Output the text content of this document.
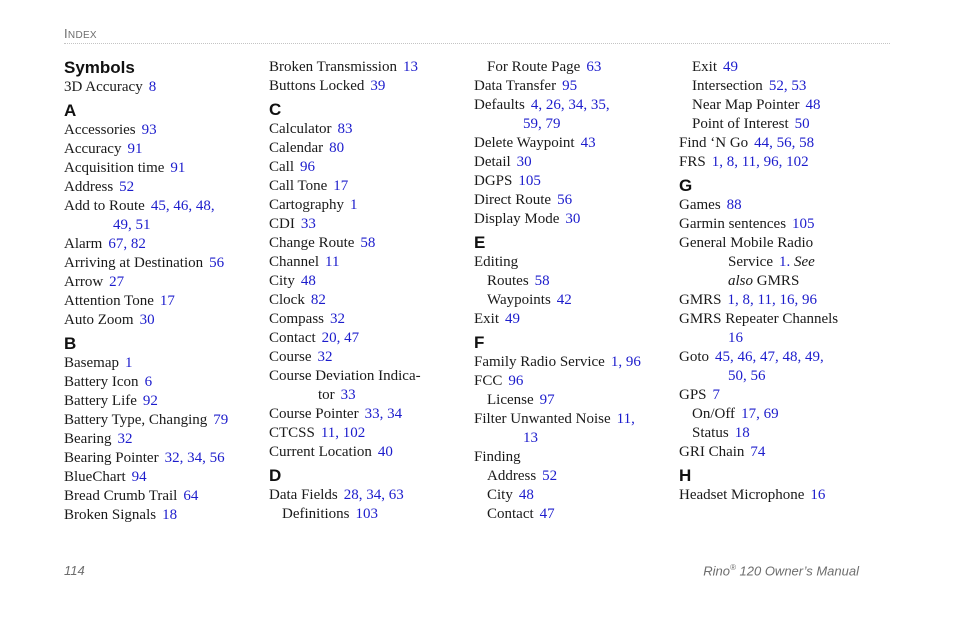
INDEX
Symbols
3D Accuracy 8
A
Accessories 93
Accuracy 91
Acquisition time 91
Address 52
Add to Route 45, 46, 48,
49, 51
Alarm 67, 82
Arriving at Destination 56
Arrow 27
Attention Tone 17
Auto Zoom 30
B
Basemap 1
Battery Icon 6
Battery Life 92
Battery Type, Changing 79
Bearing 32
Bearing Pointer 32, 34, 56
BlueChart 94
Bread Crumb Trail 64
Broken Signals 18
Broken Transmission 13
Buttons Locked 39
C
Calculator 83
Calendar 80
Call 96
Call Tone 17
Cartography 1
CDI 33
Change Route 58
Channel 11
City 48
Clock 82
Compass 32
Contact 20, 47
Course 32
Course Deviation Indica-
tor 33
Course Pointer 33, 34
CTCSS 11, 102
Current Location 40
D
Data Fields 28, 34, 63
Definitions 103
For Route Page 63
Data Transfer 95
Defaults 4, 26, 34, 35,
59, 79
Delete Waypoint 43
Detail 30
DGPS 105
Direct Route 56
Display Mode 30
E
Editing
Routes 58
Waypoints 42
Exit 49
F
Family Radio Service 1, 96
FCC 96
License 97
Filter Unwanted Noise 11,
13
Finding
Address 52
City 48
Contact 47
Exit 49
Intersection 52, 53
Near Map Pointer 48
Point of Interest 50
Find ‘N Go 44, 56, 58
FRS 1, 8, 11, 96, 102
G
Games 88
Garmin sentences 105
General Mobile Radio
Service 1. See
also GMRS
GMRS 1, 8, 11, 16, 96
GMRS Repeater Channels
16
Goto 45, 46, 47, 48, 49,
50, 56
GPS 7
On/Off 17, 69
Status 18
GRI Chain 74
H
Headset Microphone 16
114	Rino® 120 Owner’s Manual
